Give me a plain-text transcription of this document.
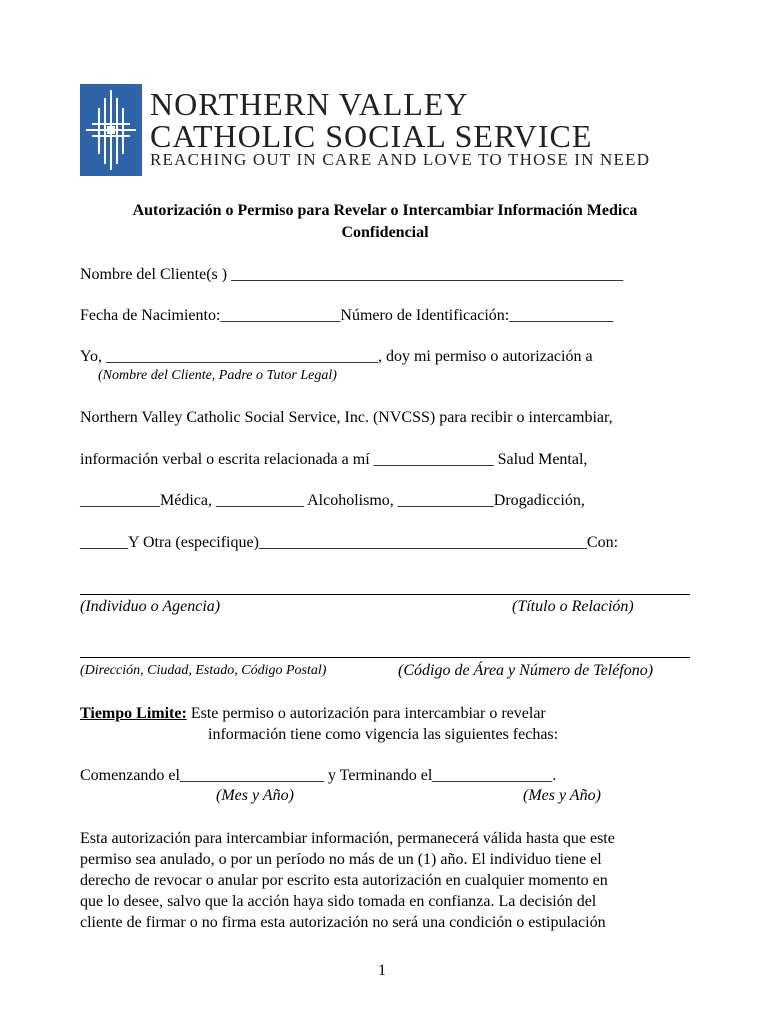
NORTHERN VALLEY
CATHOLIC SOCIAL SERVICE
REACHING OUT IN CARE AND LOVE TO THOSE IN NEED
Autorización o Permiso para Revelar o Intercambiar Información Medica
Confidencial
Nombre del Cliente(s ) _________________________________________________
Fecha de Nacimiento:_______________Número de Identificación:_____________
Yo, __________________________________, doy mi permiso o autorización a
(Nombre del Cliente, Padre o Tutor Legal)
Northern Valley Catholic Social Service, Inc. (NVCSS) para recibir o intercambiar,
información verbal o escrita relacionada a mí _______________ Salud Mental,
__________Médica, ___________ Alcoholismo, ____________Drogadicción,
______Y Otra (especifique)_________________________________________Con:
(Individuo o Agencia)	(Título o Relación)
(Dirección, Ciudad, Estado, Código Postal)	(Código de Área y Número de Teléfono)
Tiempo Limite: Este permiso o autorización para intercambiar o revelar
información tiene como vigencia las siguientes fechas:
Comenzando el__________________ y Terminando el_______________.
(Mes y Año)	(Mes y Año)
Esta autorización para intercambiar información, permanecerá válida hasta que este
permiso sea anulado, o por un período no más de un (1) año. El individuo tiene el
derecho de revocar o anular por escrito esta autorización en cualquier momento en
que lo desee, salvo que la acción haya sido tomada en confianza. La decisión del
cliente de firmar o no firma esta autorización no será una condición o estipulación
1
